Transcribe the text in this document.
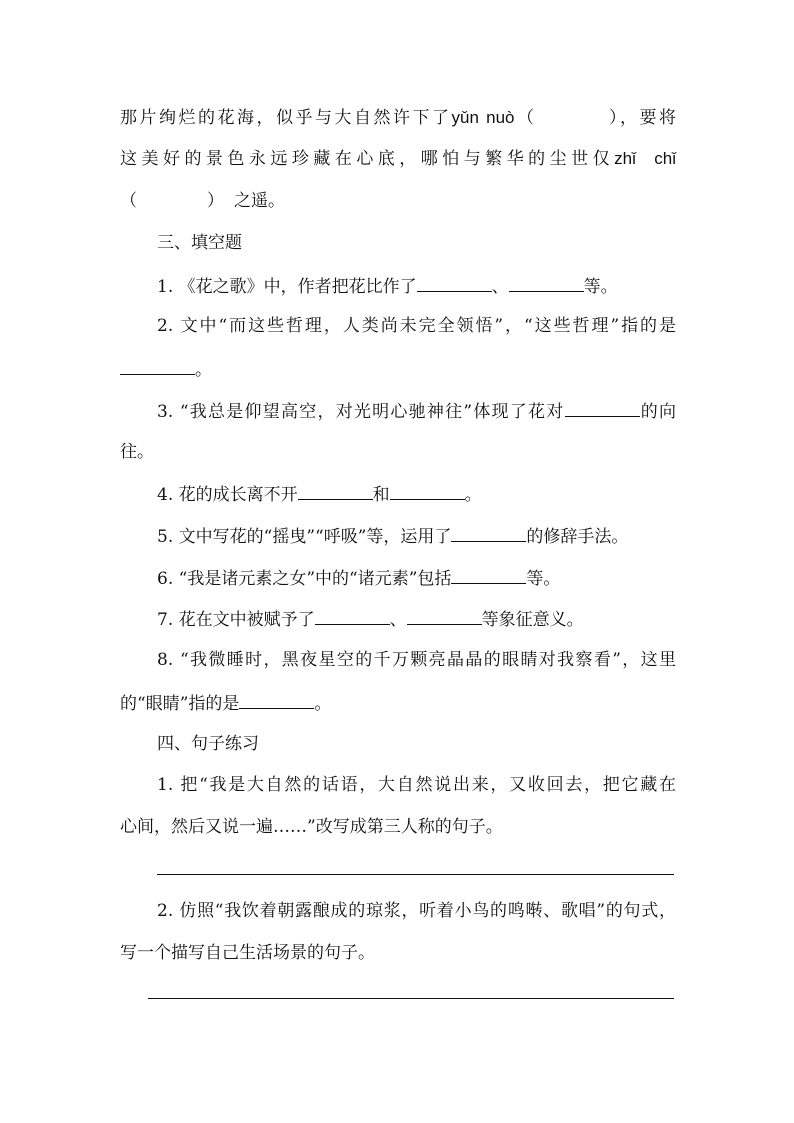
那片绚烂的花海，似乎与大自然许下了yǔn nuò（	），要将
这美好的景色永远珍藏在心底，哪怕与繁华的尘世仅zhǐ  chǐ
（	） 之遥。
三、填空题
1. 《花之歌》中，作者把花比作了	、	等。
2. 文中“而这些哲理，人类尚未完全领悟”，“这些哲理”指的是
。
3. “我总是仰望高空，对光明心驰神往”体现了花对	的向
往。
4. 花的成长离不开	和	。
5. 文中写花的“摇曳”“呼吸”等，运用了	的修辞手法。
6. “我是诸元素之女”中的“诸元素”包括	等。
7. 花在文中被赋予了	、	等象征意义。
8. “我微睡时，黑夜星空的千万颗亮晶晶的眼睛对我察看”，这里
的“眼睛”指的是	。
四、句子练习
1. 把“我是大自然的话语，大自然说出来，又收回去，把它藏在
心间，然后又说一遍……”改写成第三人称的句子。
2. 仿照“我饮着朝露酿成的琼浆，听着小鸟的鸣啭、歌唱”的句式，
写一个描写自己生活场景的句子。
